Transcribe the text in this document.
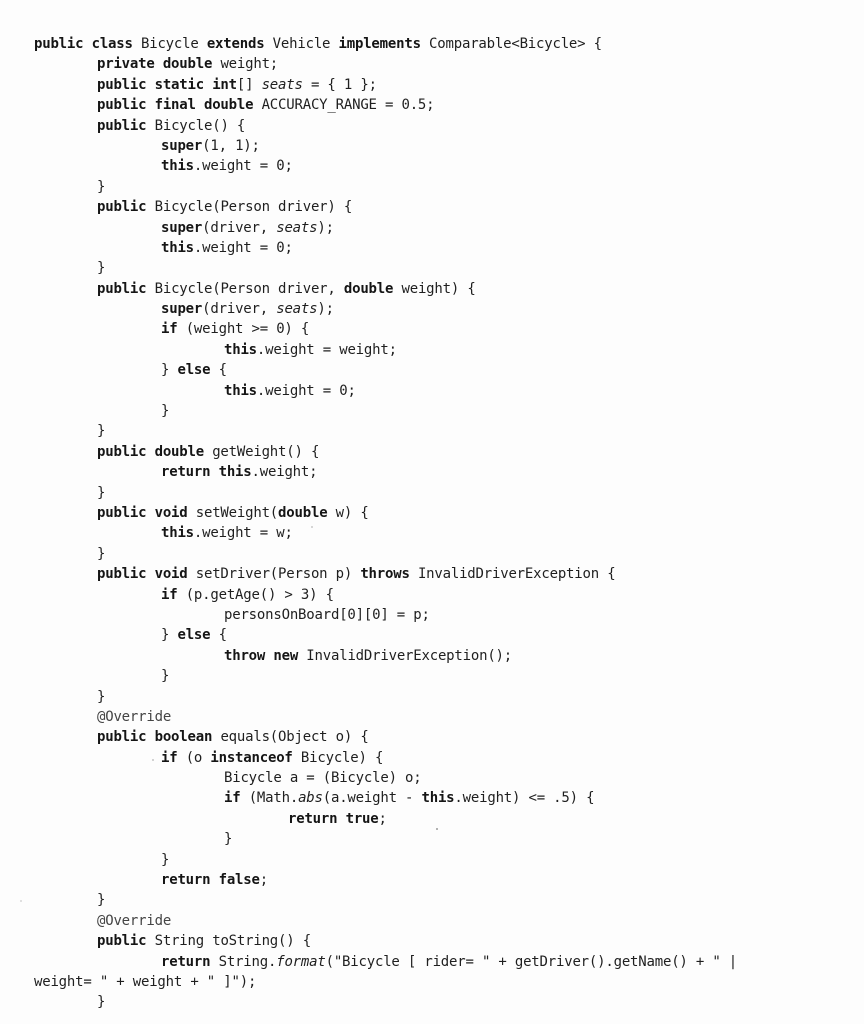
public class Bicycle extends Vehicle implements Comparable<Bicycle> {
private double weight;
public static int[] seats = { 1 };
public final double ACCURACY_RANGE = 0.5;
public Bicycle() {
super(1, 1);
this.weight = 0;
}
public Bicycle(Person driver) {
super(driver, seats);
this.weight = 0;
}
public Bicycle(Person driver, double weight) {
super(driver, seats);
if (weight >= 0) {
this.weight = weight;
} else {
this.weight = 0;
}
}
public double getWeight() {
return this.weight;
}
public void setWeight(double w) {
this.weight = w;
}
public void setDriver(Person p) throws InvalidDriverException {
if (p.getAge() > 3) {
personsOnBoard[0][0] = p;
} else {
throw new InvalidDriverException();
}
}
@Override
public boolean equals(Object o) {
if (o instanceof Bicycle) {
Bicycle a = (Bicycle) o;
if (Math.abs(a.weight - this.weight) <= .5) {
return true;
}
}
return false;
}
@Override
public String toString() {
return String.format("Bicycle [ rider= " + getDriver().getName() + " |
weight= " + weight + " ]");
}
